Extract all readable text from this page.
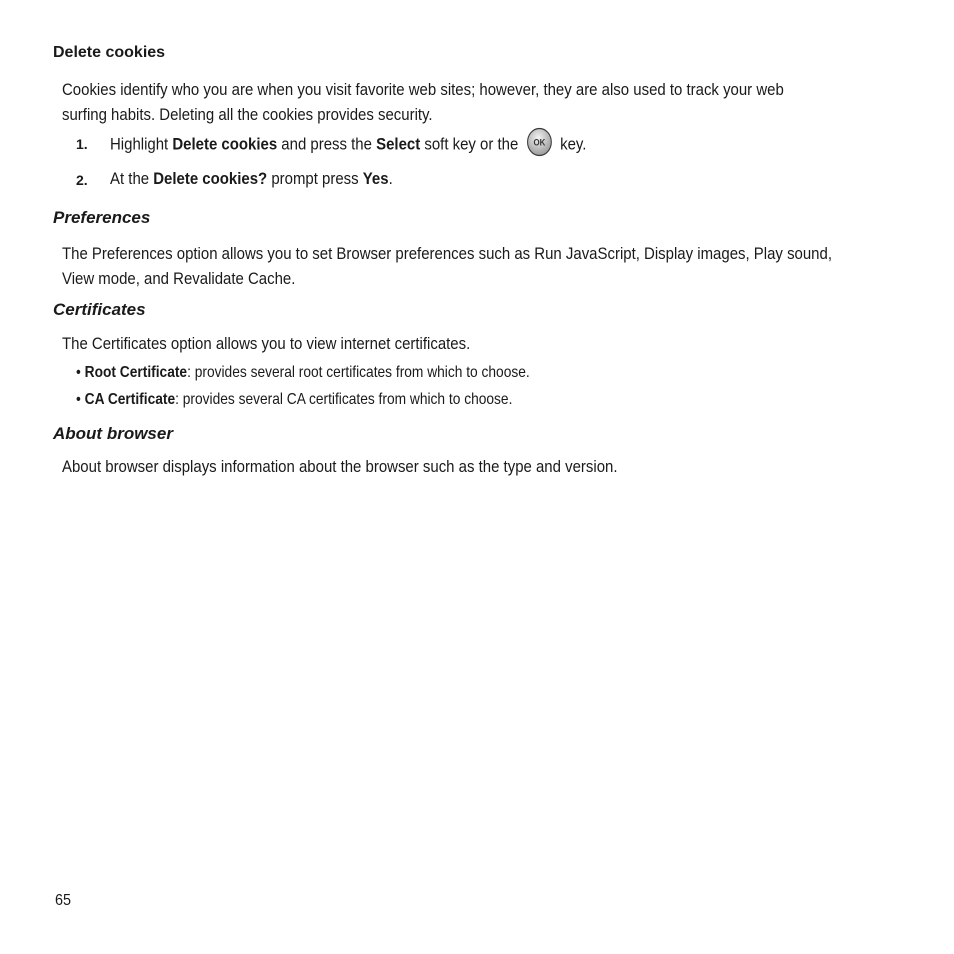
Delete cookies
Cookies identify who you are when you visit favorite web sites; however, they are also used to track your web
surfing habits. Deleting all the cookies provides security.
1. Highlight Delete cookies and press the Select soft key or the OK key.
2. At the Delete cookies? prompt press Yes.
Preferences
The Preferences option allows you to set Browser preferences such as Run JavaScript, Display images, Play sound,
View mode, and Revalidate Cache.
Certificates
The Certificates option allows you to view internet certificates.
• Root Certificate: provides several root certificates from which to choose.
• CA Certificate: provides several CA certificates from which to choose.
About browser
About browser displays information about the browser such as the type and version.
65
